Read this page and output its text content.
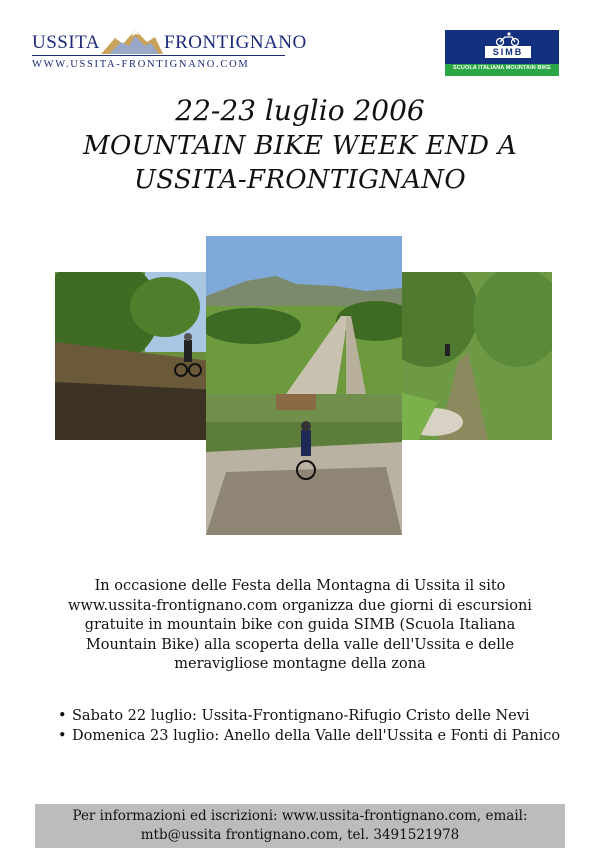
USSITA	FRONTIGNANO
WWW.USSITA-FRONTIGNANO.COM
SIMB
SCUOLA ITALIANA MOUNTAIN BIKE
22-23 luglio 2006
MOUNTAIN BIKE WEEK END A
USSITA-FRONTIGNANO
In occasione delle Festa della Montagna di Ussita il sito
www.ussita-frontignano.com organizza due giorni di escursioni
gratuite in mountain bike con guida SIMB (Scuola Italiana
Mountain Bike) alla scoperta della valle dell'Ussita e delle
meravigliose montagne della zona
• Sabato 22 luglio: Ussita-Frontignano-Rifugio Cristo delle Nevi
• Domenica 23 luglio: Anello della Valle dell'Ussita e Fonti di Panico
Per informazioni ed iscrizioni: www.ussita-frontignano.com, email:
mtb@ussita frontignano.com, tel. 3491521978
